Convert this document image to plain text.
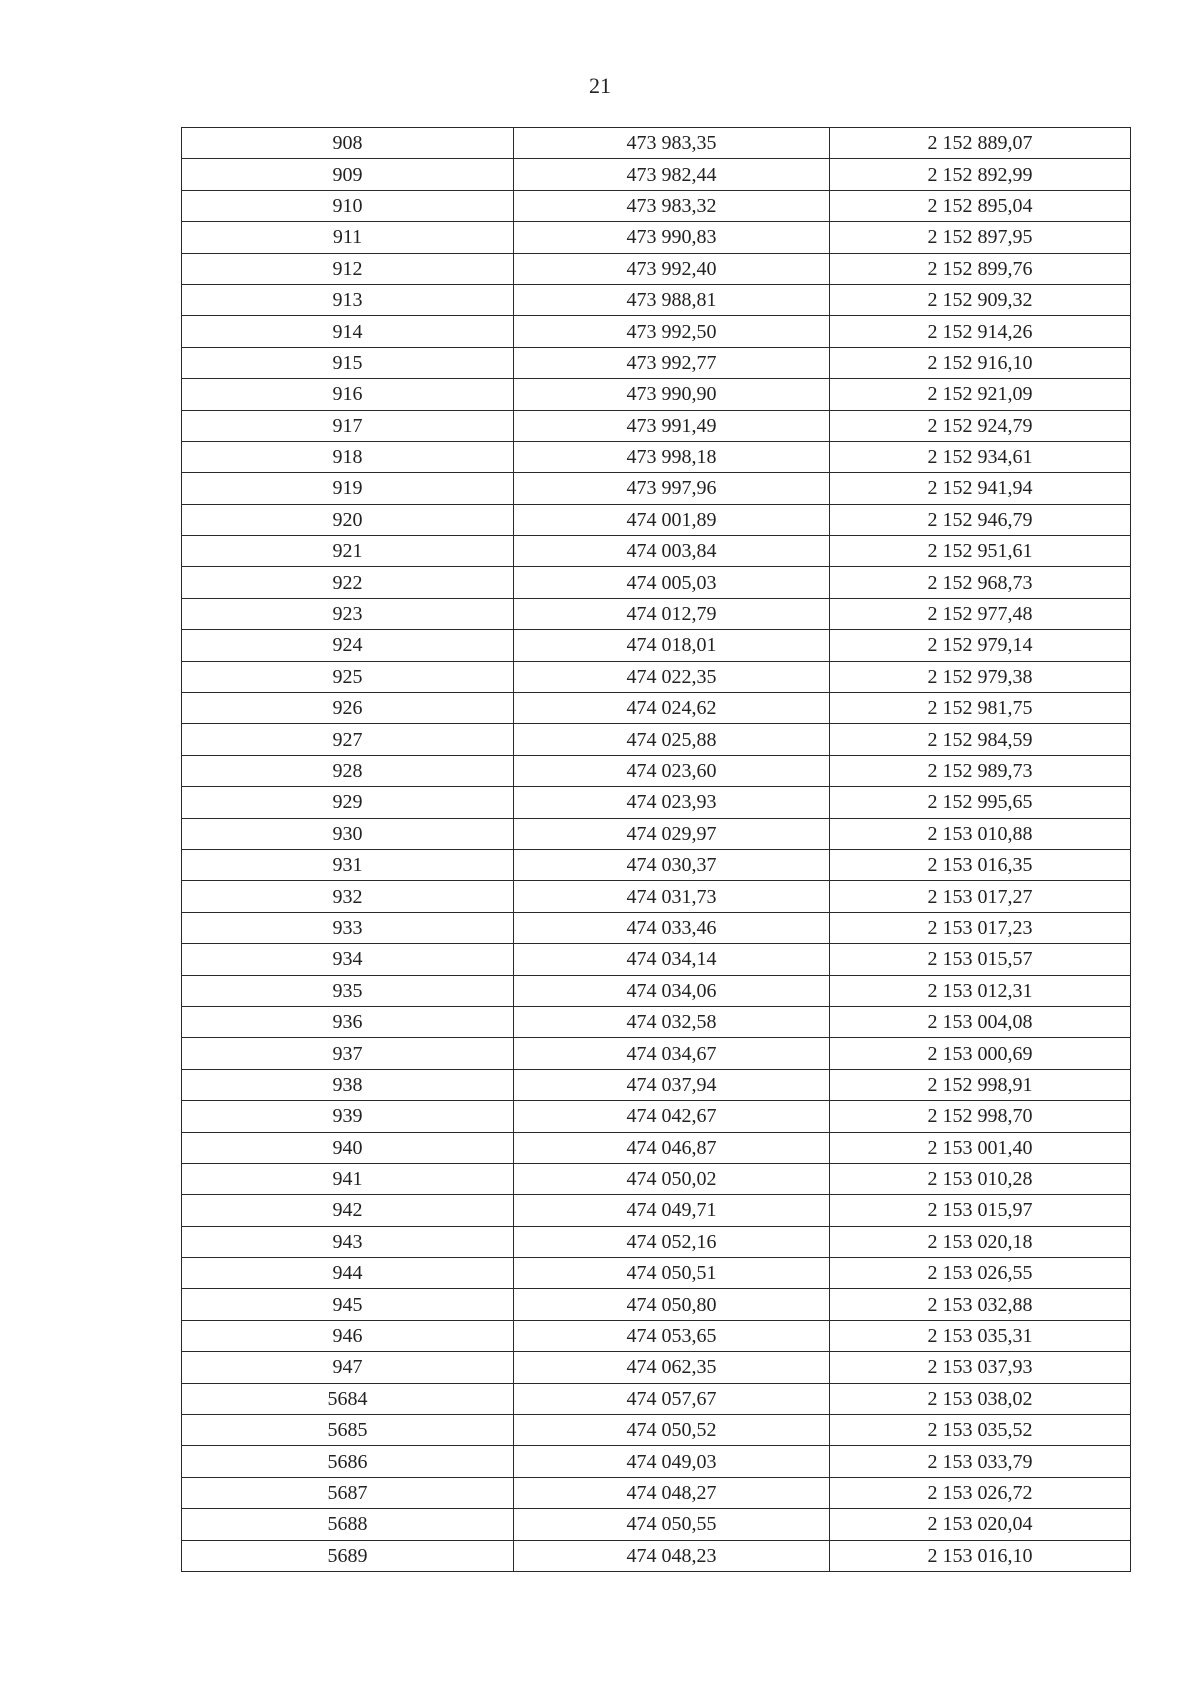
21
908	473 983,35	2 152 889,07
909	473 982,44	2 152 892,99
910	473 983,32	2 152 895,04
911	473 990,83	2 152 897,95
912	473 992,40	2 152 899,76
913	473 988,81	2 152 909,32
914	473 992,50	2 152 914,26
915	473 992,77	2 152 916,10
916	473 990,90	2 152 921,09
917	473 991,49	2 152 924,79
918	473 998,18	2 152 934,61
919	473 997,96	2 152 941,94
920	474 001,89	2 152 946,79
921	474 003,84	2 152 951,61
922	474 005,03	2 152 968,73
923	474 012,79	2 152 977,48
924	474 018,01	2 152 979,14
925	474 022,35	2 152 979,38
926	474 024,62	2 152 981,75
927	474 025,88	2 152 984,59
928	474 023,60	2 152 989,73
929	474 023,93	2 152 995,65
930	474 029,97	2 153 010,88
931	474 030,37	2 153 016,35
932	474 031,73	2 153 017,27
933	474 033,46	2 153 017,23
934	474 034,14	2 153 015,57
935	474 034,06	2 153 012,31
936	474 032,58	2 153 004,08
937	474 034,67	2 153 000,69
938	474 037,94	2 152 998,91
939	474 042,67	2 152 998,70
940	474 046,87	2 153 001,40
941	474 050,02	2 153 010,28
942	474 049,71	2 153 015,97
943	474 052,16	2 153 020,18
944	474 050,51	2 153 026,55
945	474 050,80	2 153 032,88
946	474 053,65	2 153 035,31
947	474 062,35	2 153 037,93
5684	474 057,67	2 153 038,02
5685	474 050,52	2 153 035,52
5686	474 049,03	2 153 033,79
5687	474 048,27	2 153 026,72
5688	474 050,55	2 153 020,04
5689	474 048,23	2 153 016,10
